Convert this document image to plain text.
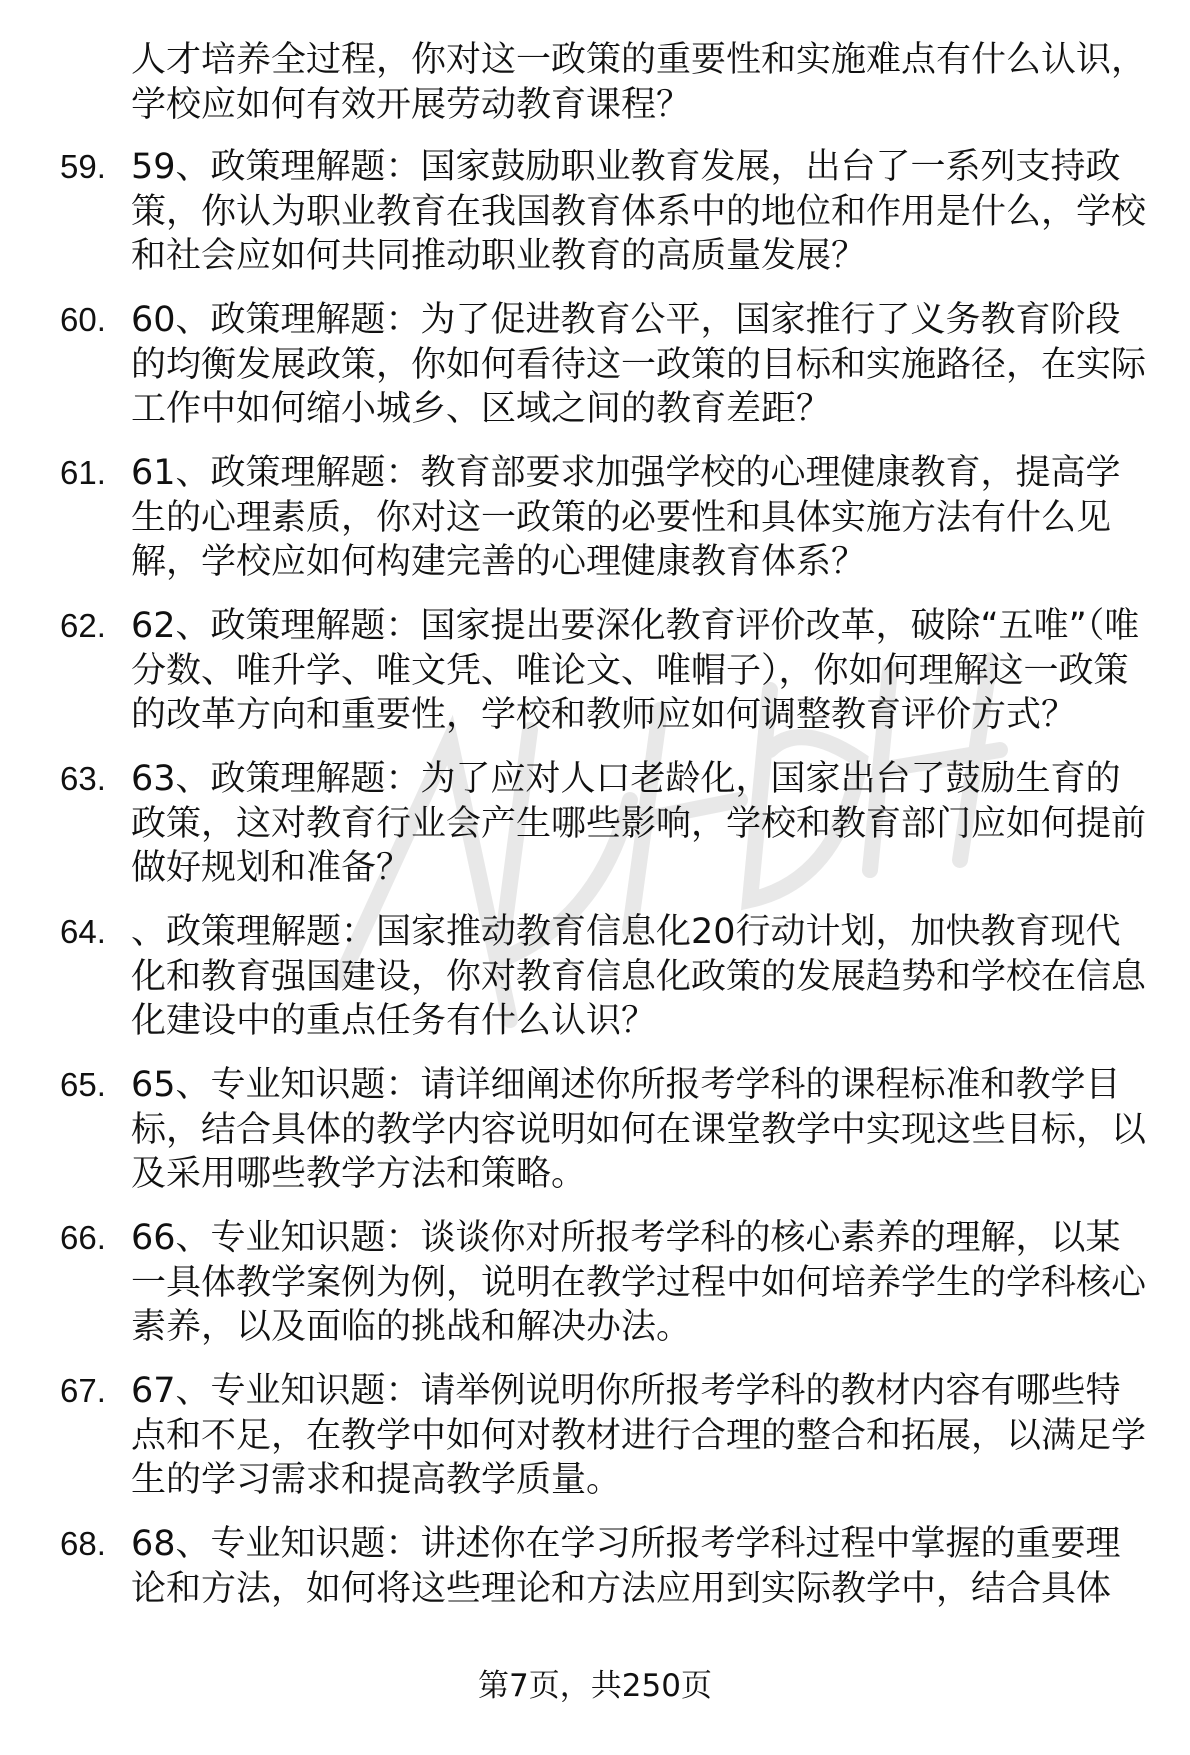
人才培养全过程，你对这一政策的重要性和实施难点有什么认识，学校应如何有效开展劳动教育课程？

59. 59、政策理解题：国家鼓励职业教育发展，出台了一系列支持政策，你认为职业教育在我国教育体系中的地位和作用是什么，学校和社会应如何共同推动职业教育的高质量发展？
60. 60、政策理解题：为了促进教育公平，国家推行了义务教育阶段的均衡发展政策，你如何看待这一政策的目标和实施路径，在实际工作中如何缩小城乡、区域之间的教育差距？
61. 61、政策理解题：教育部要求加强学校的心理健康教育，提高学生的心理素质，你对这一政策的必要性和具体实施方法有什么见解，学校应如何构建完善的心理健康教育体系？
62. 62、政策理解题：国家提出要深化教育评价改革，破除“五唯”（唯分数、唯升学、唯文凭、唯论文、唯帽子），你如何理解这一政策的改革方向和重要性，学校和教师应如何调整教育评价方式？
63. 63、政策理解题：为了应对人口老龄化，国家出台了鼓励生育的政策，这对教育行业会产生哪些影响，学校和教育部门应如何提前做好规划和准备？
64. 、政策理解题：国家推动教育信息化20行动计划，加快教育现代化和教育强国建设，你对教育信息化政策的发展趋势和学校在信息化建设中的重点任务有什么认识？
65. 65、专业知识题：请详细阐述你所报考学科的课程标准和教学目标，结合具体的教学内容说明如何在课堂教学中实现这些目标，以及采用哪些教学方法和策略。
66. 66、专业知识题：谈谈你对所报考学科的核心素养的理解，以某一具体教学案例为例，说明在教学过程中如何培养学生的学科核心素养，以及面临的挑战和解决办法。
67. 67、专业知识题：请举例说明你所报考学科的教材内容有哪些特点和不足，在教学中如何对教材进行合理的整合和拓展，以满足学生的学习需求和提高教学质量。
68. 68、专业知识题：讲述你在学习所报考学科过程中掌握的重要理论和方法，如何将这些理论和方法应用到实际教学中，结合具体
第7页，共250页
